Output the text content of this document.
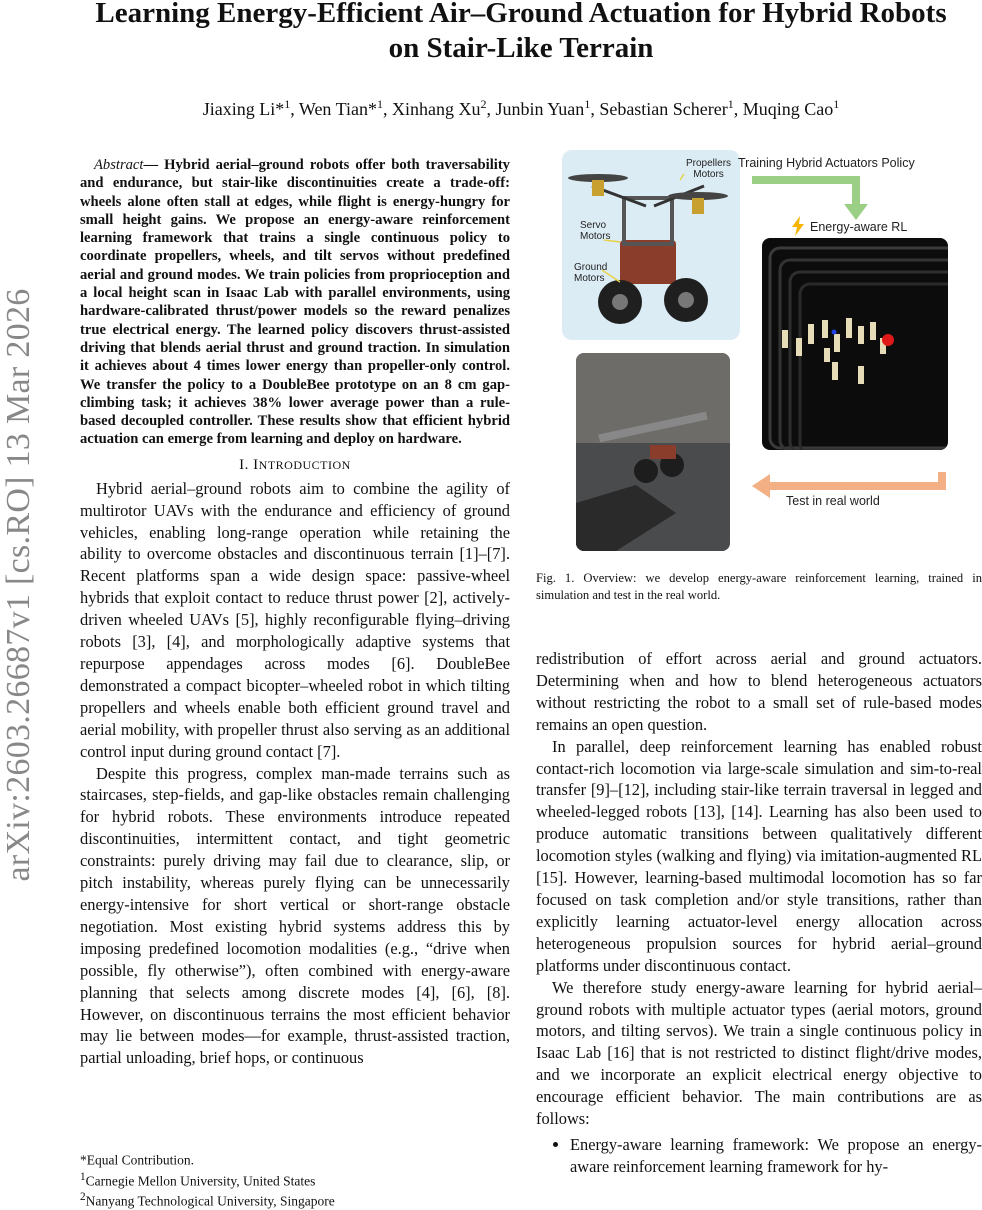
arXiv:2603.26687v1 [cs.RO] 13 Mar 2026
Learning Energy-Efficient Air–Ground Actuation for Hybrid Robots
on Stair-Like Terrain
Jiaxing Li*$^1$, Wen Tian*$^1$, Xinhang Xu$^2$, Junbin Yuan$^1$, Sebastian Scherer$^1$, Muqing Cao$^1$

Abstract— Hybrid aerial–ground robots offer both traversability and endurance, but stair-like discontinuities create a trade-off: wheels alone often stall at edges, while flight is energy-hungry for small height gains. We propose an energy-aware reinforcement learning framework that trains a single continuous policy to coordinate propellers, wheels, and tilt servos without predefined aerial and ground modes. We train policies from proprioception and a local height scan in Isaac Lab with parallel environments, using hardware-calibrated thrust/power models so the reward penalizes true electrical energy. The learned policy discovers thrust-assisted driving that blends aerial thrust and ground traction. In simulation it achieves about 4 times lower energy than propeller-only control. We transfer the policy to a DoubleBee prototype on an 8 cm gap-climbing task; it achieves 38% lower average power than a rule-based decoupled controller. These results show that efficient hybrid actuation can emerge from learning and deploy on hardware.

I. INTRODUCTION

Hybrid aerial–ground robots aim to combine the agility of multirotor UAVs with the endurance and efficiency of ground vehicles, enabling long-range operation while retaining the ability to overcome obstacles and discontinuous terrain [1]–[7]. Recent platforms span a wide design space: passive-wheel hybrids that exploit contact to reduce thrust power [2], actively-driven wheeled UAVs [5], highly reconfigurable flying–driving robots [3], [4], and morphologically adaptive systems that repurpose appendages across modes [6]. DoubleBee demonstrated a compact bicopter–wheeled robot in which tilting propellers and wheels enable both efficient ground travel and aerial mobility, with propeller thrust also serving as an additional control input during ground contact [7].

Despite this progress, complex man-made terrains such as staircases, step-fields, and gap-like obstacles remain challenging for hybrid robots. These environments introduce repeated discontinuities, intermittent contact, and tight geometric constraints: purely driving may fail due to clearance, slip, or pitch instability, whereas purely flying can be unnecessarily energy-intensive for short vertical or short-range obstacle negotiation. Most existing hybrid systems address this by imposing predefined locomotion modalities (e.g., “drive when possible, fly otherwise”), often combined with energy-aware planning that selects among discrete modes [4], [6], [8]. However, on discontinuous terrains the most efficient behavior may lie between modes—for example, thrust-assisted traction, partial unloading, brief hops, or continuous

*Equal Contribution.
$^1$Carnegie Mellon University, United States
$^2$Nanyang Technological University, Singapore
Propellers
Motors
Servo
Motors
Ground
Motors
Training Hybrid Actuators Policy
Energy-aware RL
Test in real world
Fig. 1. Overview: we develop energy-aware reinforcement learning, trained in simulation and test in the real world.

redistribution of effort across aerial and ground actuators. Determining when and how to blend heterogeneous actuators without restricting the robot to a small set of rule-based modes remains an open question.

In parallel, deep reinforcement learning has enabled robust contact-rich locomotion via large-scale simulation and sim-to-real transfer [9]–[12], including stair-like terrain traversal in legged and wheeled-legged robots [13], [14]. Learning has also been used to produce automatic transitions between qualitatively different locomotion styles (walking and flying) via imitation-augmented RL [15]. However, learning-based multimodal locomotion has so far focused on task completion and/or style transitions, rather than explicitly learning actuator-level energy allocation across heterogeneous propulsion sources for hybrid aerial–ground platforms under discontinuous contact.

We therefore study energy-aware learning for hybrid aerial–ground robots with multiple actuator types (aerial motors, ground motors, and tilting servos). We train a single continuous policy in Isaac Lab [16] that is not restricted to distinct flight/drive modes, and we incorporate an explicit electrical energy objective to encourage efficient behavior. The main contributions are as follows:

• Energy-aware learning framework: We propose an energy-aware reinforcement learning framework for hy-
